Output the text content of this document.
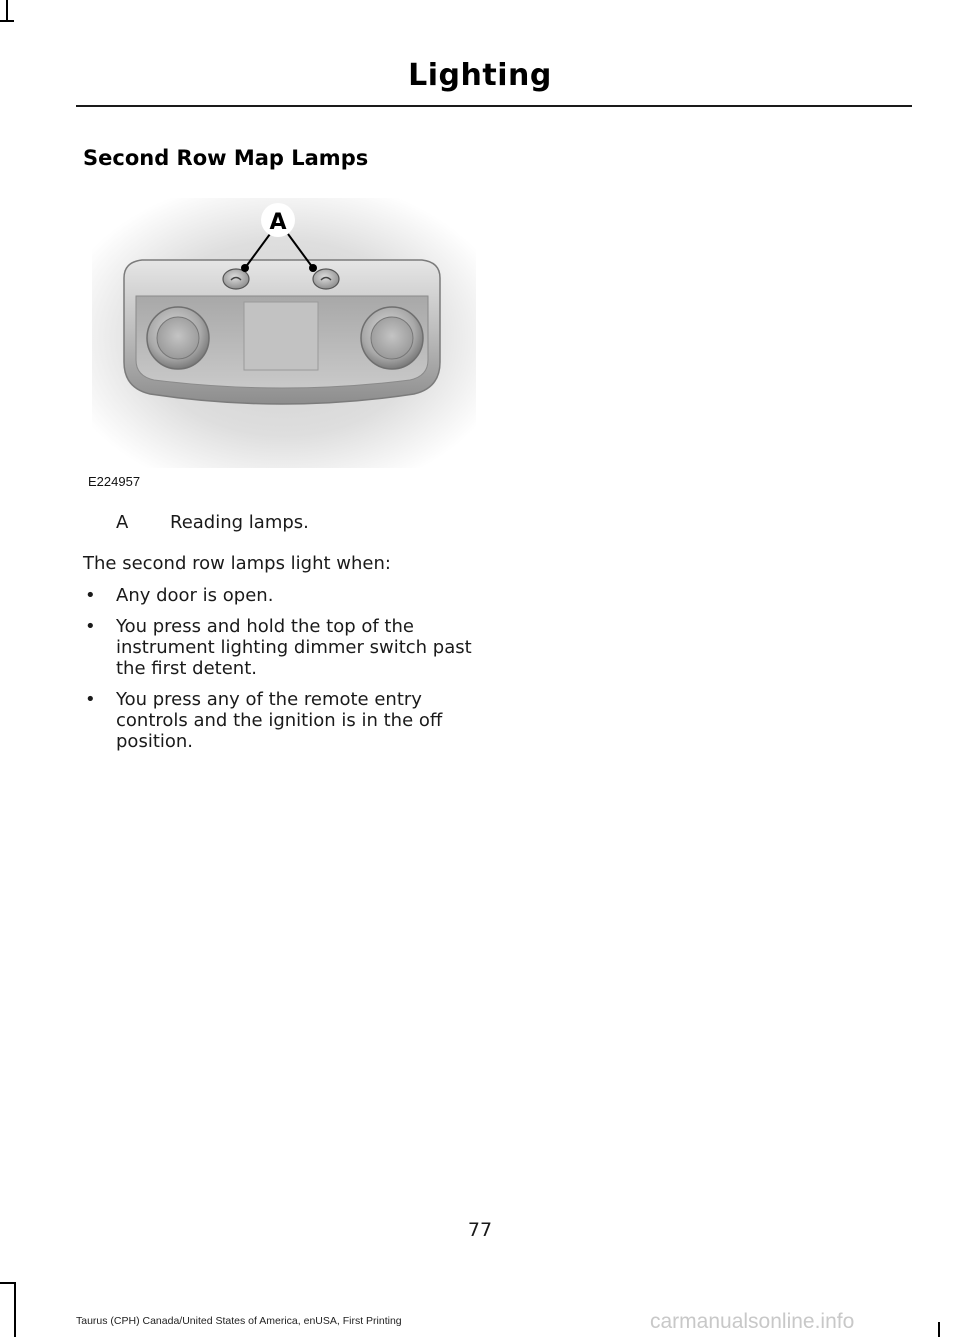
Lighting
Second Row Map Lamps
A
E224957
A Reading lamps.
The second row lamps light when:
• Any door is open.
• You press and hold the top of the instrument lighting dimmer switch past the first detent.
• You press any of the remote entry controls and the ignition is in the off position.
77
Taurus (CPH) Canada/United States of America, enUSA, First Printing	carmanualsonline.info
